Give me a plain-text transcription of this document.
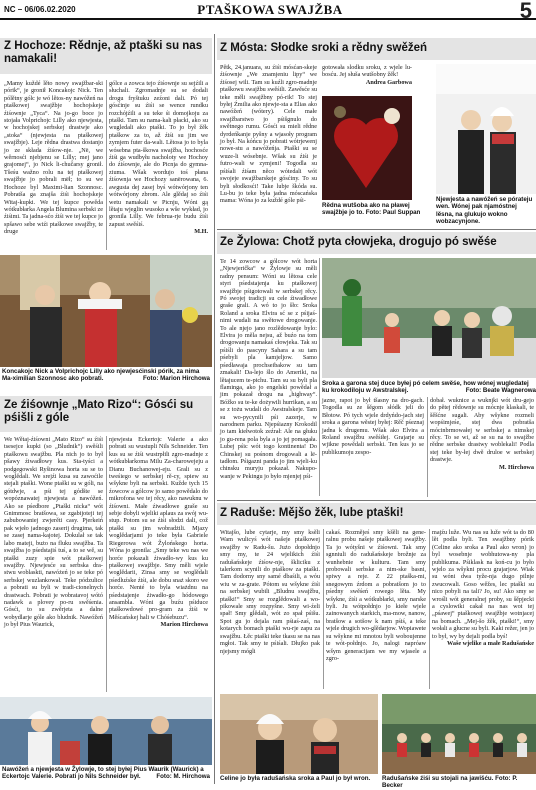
NC – 06/06.02.2020	PTAŠKOWA SWAJŽBA	5
Z Hochoze: Rědnje, až ptaški su nas namakali!

„Mamy kuždé lěto nowy swajžbar-ski pórik“, je gronił Koncakojc Nick. Ten pólětny gólc je wó lětos-ny nawóžeń na ptaškowej swajžbje hochojskeje źiśownje „Tyca“. Na jo-go boce jo stojała Volprichojc Lilly ako njewjesta, w hochojskej serbskej drastwje ako „stoka“ (njewjesta na ptaškowej swajžbje). Leje rědna drastwa dostanjo jo ze składa źiśow-nje. „Nё, we wěrnosći njebjenu se Lilly; mej jano grajomej“, jo Nick li-chučarsy gronił. Tšeśu wažno rolu na tej ptaškowej swajžbje jo pobrali mёł; to su we Hochoze byl Maximi-lian Szonnosc. Pobratša ga znajša źiśi hochojskeje Witaj-kupki. We tej kupce powěda wótkubłarka Angela Blumina serbski ze źiśimi. Ta jadna-sćo źiśi we tej kupce jo spšawo sebe wiźi ptaškowe swajžby, te druge

gólce a zowca tejo źiśownje su sejźili a słuchali. Zgromadnje su se dodali drogu fryštuku zeźoni dali. Pó tej gósćinje su źiśi se wence rundku rozchójźili a su teke śi domojkoju za ptaški. Tam su nama-kali płacki, ako su wugledali ako ptaški. To jo był žěk ptaškow za to, až źiśi su jim we zymjem futer da-wali. Lětosa jo to byla wósebna pta-škowa swajžba, hochosće źiśi ga wudbyłu nacholoty we Hochoy do źiśownje, ale do Picnja do gymna-ziuma. Wšak wordujo toś płana źiśownja we Hochozy sanёrowana, 6. awgusta dej zasej byś wótwórjony ten wótwórjony zbrom. Ale glědaj so źiśi wetu namakali w Picnju, Wóni gą lětaju wjeglin wusoko a wše wykład, jo gronila Lilly. We februa-rje budu źiśi zapust swěśiś.

M.H.

Koncakojc Nick a Volprichojc Lilly ako njewjesćinski pórik, za nima Ma-ximilian Szonnosc ako pobrati.	Foto: Marion Hirchowa
Ze źiśownje „Mato Rizo“: Gósći su pśišli z góle

We Wětaj-źiśowni „Mato Rizo“ su źiśi tsesejce kupki (so „Bludnik“) swěśili ptaškowu swajžbu. Pla nich jo to był pšawy źiwadłowy kus. Sta-tyści a podgegowski Ryšinowa horta su se to woglědali. We srejźi kusa su zawoćile stejali ptaški. Wone ptaški su w góli, na gótdwje, a pśi tej gódšte se wopóznawatej njewjesta a nawóžeń. Ako se pśedbore „Ptaški nicka“ wót Gnimmosc bratšowa, se zgabijoteji tej zabubowaniej zwjerěti casy. Pjerkeiń pak wjeło jadnogo zaserij drugima, tak se zasej nama-kajotej. Dokulał se tak labo mateji, bużo na fluku swajžba. Ta swajžba jo pśedstajiś tuś, a to se wě, su ptaški zuzy spie wót ptaškowej swajžby. Njewjesće su serbska dra-stwu woblaskti, nawóżeń jo se teke pó serbskej wuzlankował. Teke pódzulice a pobrati su byli w tradi-cionelnych drastwach. Pobrati je wobratavoj wótó nadawk a plovey po-ru swěśenia. Gósći, to su zwěrjeta a dalne wobydlarje góle ako bludnik. Nawóžeń jo był Pius Waurick,

njewjesta Eckertojc Valerie a ako pobrati su wustupli Nils Schneider. Ten kus su se źiśi wustrpłili zgro-madnje z wótkubłarkoma Milu Za-charowejeju a Dianu Buchanowej-eju. Grali su z tweśiego w serbskej rě-cy, spiew su wšykne byli na serbski. Kužde tych 15 źowcow a gólcow jo samo powědalo do mikrofona we tej rěcy, ako nawuknu w źiśowni. Małe źiwadłowe graše su sebje dobyli wjelikі aplaus za swój wu-stup. Potom su se źiśi słodzi dali, což ptaški su jim wobradżili. Mjazy woglědarjami jo teke była Gabriele Riegerowa wót Žylońskego horta. Wóna jo gronila: „Smy teke wu nas we horće pokazali źiwadło-wy kus ku ptaškowej swajžbje. Smy měli wjele woglědarii, Zinsa smy se woglědali pśedluźske źiśi, ale dobu snaż skoro we horće. Nenté to byla wiażdnu na pśedstajenje źiwadło-go hódowego ansambla. Wóni ga buźu pśiduce ptaškowdowé pro-gram za źiśi w Měścańskej hali w Chóśebuzu“.

Marion Hirchowa

Nawóžeń a njewjesta w Žylowje, to stej byłej Pius Waurik (Waurick) a Eckertojc Valerie. Pobrati jo Nils Schneider był.	Foto: M. Hirchowa
Z Mósta: Słodke sroki a rědny swěžeń

Pětk, 24.januara, su źiśi mósćan-skeje źiśownje „We znamjeniu lipy“ we źiśosej wili. Tam su kuźli zgro-madnje ptaškowu swajžbu swěśili. Zawěsće su teke měli swajžbny pó-rik! To stej byłej Źmilia ako njewje-sta a Elias ako nawóžeń (wótery). Cele małe swajžbarstwo jo pśišgnulo do swětnego rumu. Gósći su mieli rědne dyrdeńkanje pyšny a wjasoły program jo był. Na kóńcu jo pobrati wótrjewenj nowe-stu a nawóžeńja. Ptaški su se wuze-li wósebnje. Wšak su źiśi je futro-wali w zymjeni! Togodla su pśiśali źiśam něco wótedali wót swojeje swajžbarskeje gósćiny. To su byli słodkosći! Take lubje škóda su. Lu-bu jo teke była jadna móscańska mama: Wóna jo za kuždé góle pśi-

gotowała slodku sroku, z wjele lu-bosću. Jej słuša wutšobny žěk!

Andrea Garbowa

Rědna wutšoba ako na pławej swajžbje jo to. Foto: Paul Suppan
Njewjesta a nawóžeń se pórateju wen. Wónej pak njamóstnej lěsna, na glukujo wokno wobzacynjone.
Ze Žylowa: Chotž pyta cłowjeka, drogujo pó swěśe

Te 14 zowcow a gólcow wót horta „Njewjerička“ w Žylowje su měli radny pensum: Wóni su lětosa cele styri pśedstajenja ku ptaškowej swajžbje pśigotowali w serbskej rěcy. Pó swojej tradicji su cele źiwadłowe graše grali. A wó to jo šło: Sroka Roland a sroka Elvira sć se z pśijaś-nimi wudali na swětowe drogowanje. To ale njejo jano rozlědowanje bylo: Elvira jo měla nejsu, až buźo na tom drogowanju namakaś cłowjeka. Tak su pśiśli do pascyny Sahara a su tam pśebyli pla kamjeljow. Samo pśedławaja prochseibakow su tam zmakali! Da-lejo šlo do Ameriki, na lětajucem te-pichu. Tam su su byli pla flaminga, ako jo engelski powědał a jim pokazał drogu na „highway“. Bóžko su te-ke dożywili hurrikan, a su se z tożu wudali do Awstralskeje. Tam su wo-pycynili pśi zazerje, w narodnem parku. Njepśiazny Krokodil jo tam kiełwotok zeźrał: Ale na głuku jo gu-rena pola byla a jo jej pomagała. Lubej pśic wót togo kontinenta! Do Chinskej su pośnom drogowali a lё-tadłom. Pśigazni panda jo jim wjeli-ku chinsku muryju pokazał. Nakupo-wanje w Pekingu jo było mjenjej pśi-

Sroka a garona stej duce byłej pó celem swěśe, how wónej wugledatej ku krokodiloju w Awstralskej.	Foto: Beate Wagnerowa

jazne, rapot jo był tšasny na dro-gach. Togodla su ze šěgom słódk jeli do Błotow. Pó tych wjele drdyńdo-jach stej sroka a garona wěstej byłej: Rěč pśeznaj jadna k drugemu. Wšak ako Elvira a Roland swajžbu swěśiłej. Grajarje su wjikne powědali serbski. Ten kus jo se publikumoju zespo-

dobał. wuknice a wuknjki wót dru-gejo do pětej rědownje su mócnje klaskali, te šěšćne sugali. Aby wšykne rozmeli wopśimjeśe, stej dwa pobratša mócinbrmowałej w serbskej a nimskej rěcy. To se wi, až se su na to swajžbe rědne serbske drastwy woblekali! Podla stej teke by-łej dwě druloe w serbskej drastwje.

M. Hirchowa

Z Raduše: Mějšo žěk, lube ptaški!

Witajšo, lube cytarje, my smy ksěli Wam wulicyś wót našeje ptaškowej swajžby w Radu-šu. Jużo dopołdnjo smy my, te 24 wjelikich źiśi radušańskeje źiśow-nje, škliciku z talerkom scynili do ptaškow za ptaški. Tam dodorny sny samé dbaśili, a wóu wiu w za-grate. Pótom su wšykne źiśi na serbskej wubili „Bludnu swajžbu, ptaški!“ Smy se rozglědowali a wo-pikowale smy rozpyšne. Smy wi-źeli spał! Smy glědali, wót zo spał pśišu. Spot gu jo dejala ram pśiaś-zaś, na kotarych bomach ptaški wu-rje zapu za swajžbu. Łěc ptaški teke tkasu se na nas mgłoi. Tak smy te pśiśali. Dłujko pak njejsmy mógli

cakaś. Rozmějeś smy kšěli na gene-ralnu probu našeje ptaškowej swajžby. Ta jo wótyšni w źiśowni. Tak smy sgnniuli do radušańskeje brožnje za wunhebnie w kulturu. Tam smy probowali serbske a nim-ske basni, spiwy a reje. Z 22 ptaška-mi, snegowym źrdom a pobratšom jo to pśedny swěśeń rowego lěta. My wšykne, źiśi a wótkubłarki, smy narske byli. Ju wótpołdnjo jo kiełe wjele zainowanych starkich, ma-mow, nanow, bratšow a sotšow k nam pśiś, a teke wjele drugich wo-glědarjow. Wopiawete su wšykne mi mnotou byli woboujenne te wót-połdnjo. Jo, nalogi napróaw wšym generacijam we my wjasele a zgro-

majźu luže. Wu nas su luže wót ta do 80 lět podla byli. Ten swajžbny pórik (Celine ako sroka a Paul ako wron) jo byl wosebnje wobhutowa-ny pla publikuma. Pśiklask na koń-cu jo było wjelo za wšykni procu grajarjow. Wiak su wóni dwa tyže-nja dugo pilnje zwucowali. Goso wěžes, lec ptaški su nico pobyli na tali? Jo, su! Ako smy se wrośli wót generalnej proby, su šěpjecki a cyslowiki cakał na nas wot tej „pśawej“ ptaškowej swajžbje wotnjacej na bomach. „Mej-šo žěk, ptaški!“, smy wołali a głucne su byli. Kaki režer, jen jo to był, wy by dejali podla byś!

Waše wjelike a małe Radušańske

Celine jo była radušańska sroka a Paul jo był wron.	Radušańske źiśi su stojali na jawišću. Foto: P. Becker
